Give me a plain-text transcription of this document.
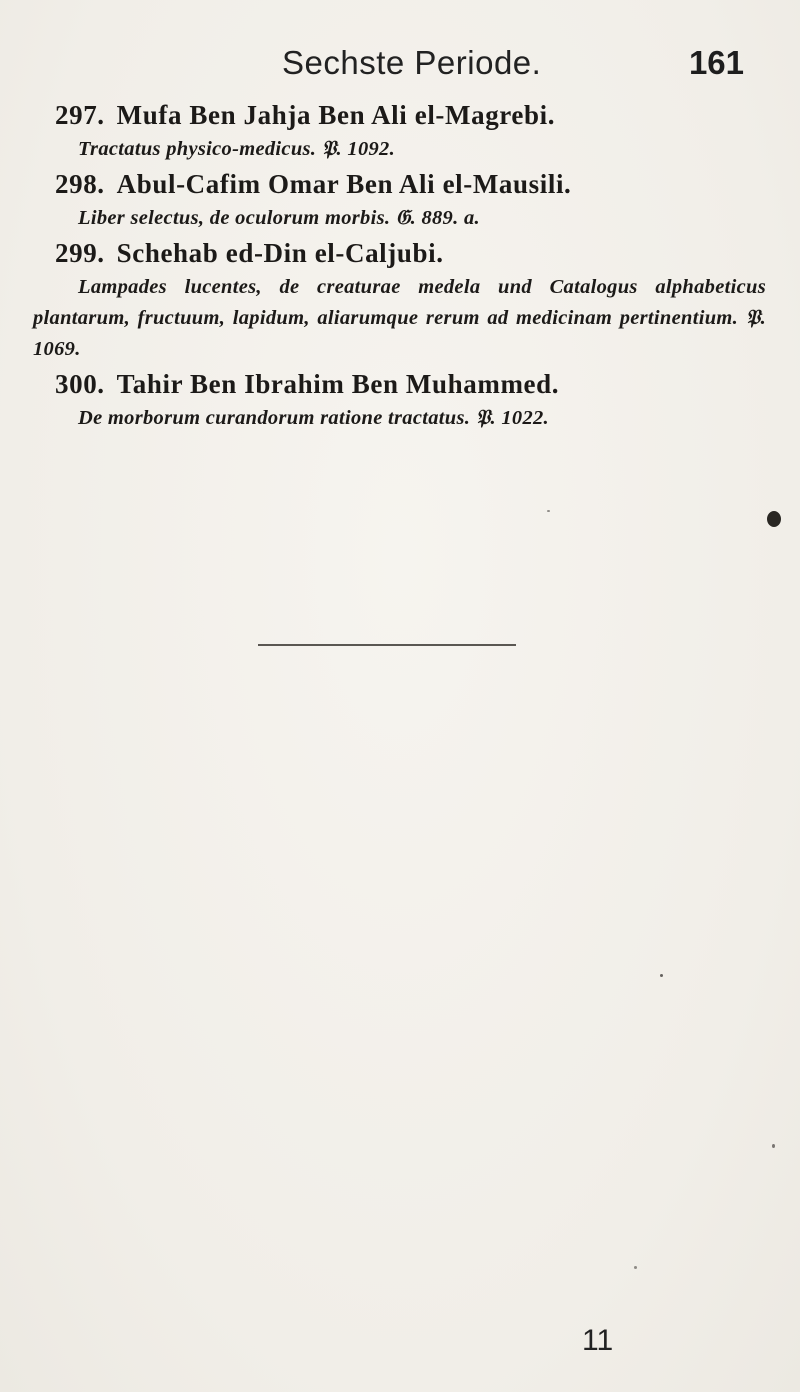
Sechste Periode.	161
297. Mufa Ben Jahja Ben Ali el-Magrebi.
Tractatus physico-medicus. 𝔓. 1092.
298. Abul-Cafim Omar Ben Ali el-Mausili.
Liber selectus, de oculorum morbis. 𝔊. 889. a.
299. Schehab ed-Din el-Caljubi.
Lampades lucentes, de creaturae medela und Catalogus alphabeticus plantarum, fructuum, lapidum, aliarumque rerum ad medicinam pertinentium. 𝔓. 1069.
300. Tahir Ben Ibrahim Ben Muhammed.
De morborum curandorum ratione tractatus. 𝔓. 1022.
11
